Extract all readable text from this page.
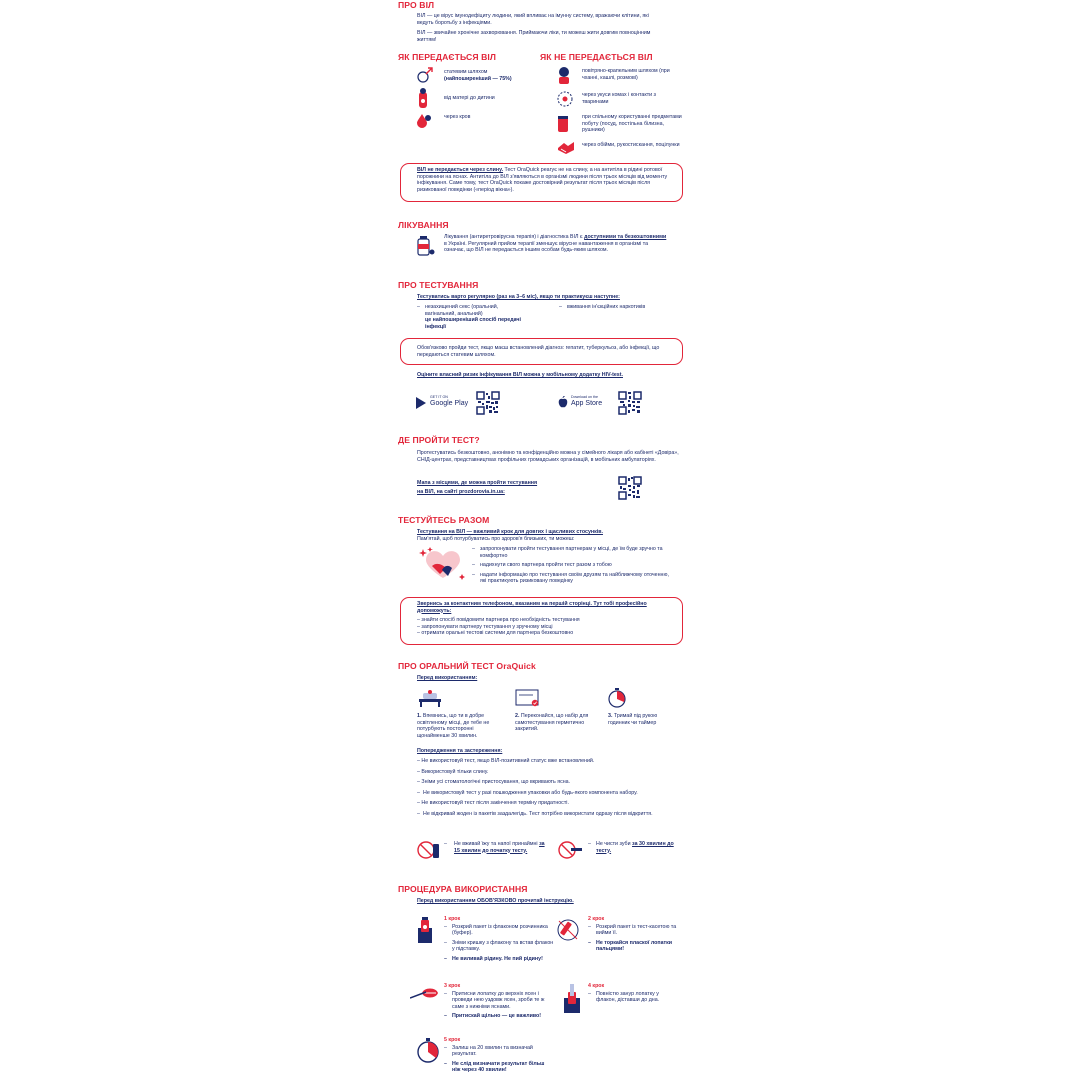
ПРО ВІЛ
ВІЛ — це вірус імунодефіциту людини, який впливає на імунну систему, вражаючи клітини, які ведуть боротьбу з інфекціями.
ВІЛ — звичайне хронічне захворювання. Приймаючи ліки, ти можеш жити довгим повноцінним життям!
ЯК ПЕРЕДАЄТЬСЯ ВІЛ
статевим шляхом
(найпоширеніший — 75%)
від матері до дитини
через кров
ЯК НЕ ПЕРЕДАЄТЬСЯ ВІЛ
повітряно-крапельним шляхом (при чханні, кашлі, розмові)
через укуси комах і контакти з тваринами
при спільному користуванні предметами побуту (посуд, постільна білизна, рушники)
через обійми, рукостискання, поцілунки
ВІЛ не передається через слину. Тест OraQuick реагує не на слину, а на антитіла в рідині ротової порожнини на яснах. Антитіла до ВІЛ з'являються в організмі людини після трьох місяців від моменту інфікування. Саме тому, тест OraQuick покаже достовірний результат після трьох місяців після ризикованої поведінки («період вікна»).
ЛІКУВАННЯ
Лікування (антиретровірусна терапія) і діагностика ВІЛ є доступними та безкоштовними в Україні. Регулярний прийом терапії зменшує вірусне навантаження в організмі та означає, що ВІЛ не передається іншим особам будь-яким шляхом.
ПРО ТЕСТУВАННЯ
Тестуватись варто регулярно (раз на 3–6 міс), якщо ти практикуєш наступне:
– незахищений секс (оральний, вагінальний, анальний)
це найпоширеніший спосіб передачі інфекції
– вживання ін'єкційних наркотиків
Обов'язково пройди тест, якщо маєш встановлений діагноз: гепатит, туберкульоз, або інфекції, що передаються статевим шляхом.
Оціните власний ризик інфікування ВІЛ можна у мобільному додатку HIV-test.
GET IT ON
Google Play
Download on the
App Store
ДЕ ПРОЙТИ ТЕСТ?
Протестуватись безкоштовно, анонімно та конфіденційно можна у сімейного лікаря або кабінеті «Довіра», СНІД-центрах, представництвах профільних громадських організацій, в мобільних амбулаторіях.
Мапа з місцями, де можна пройти тестування
на ВІЛ, на сайті prozdorovia.in.ua:
ТЕСТУЙТЕСЬ РАЗОМ
Тестування на ВІЛ — важливий крок для довгих і щасливих стосунків.
Пам'ятай, щоб потурбуватись про здоров'я близьких, ти можеш:
– запропонувати пройти тестування партнерам у місці, де їм буде зручно та комфортно
– надихнути свого партнера пройти тест разом з тобою
– надати інформацію про тестування своїм друзям та найближчому оточенню, які практикують ризиковану поведінку
Звернись за контактним телефоном, вказаним на першій сторінці. Тут тобі професійно допоможуть:
– знайти спосіб повідомити партнера про необхідність тестування
– запропонувати партнеру тестування у зручному місці
– отримати оральні тестові системи для партнера безкоштовно
ПРО ОРАЛЬНИЙ ТЕСТ OraQuick
Перед використанням:
1. Впевнись, що ти в добре освітленому місці, де тебе не потурбують посторонні щонайменше 30 хвилин.
2. Переконайся, що набір для самотестування герметично закритий.
3. Тримай під рукою годинник чи таймер
Попередження та застереження:
– Не використовуй тест, якщо ВІЛ-позитивний статус вже встановлений.
– Використовуй тільки слину.
– Зніми усі стоматологічні пристосування, що вкривають ясна.
– Не використовуй тест у разі пошкодження упаковки або будь-якого компонента набору.
– Не використовуй тест після закінчення терміну придатності.
– Не відкривай жоден із пакетів заздалегідь. Тест потрібно використати одразу після відкриття.
– Не вживай їжу та напої принаймні за 15 хвилин до початку тесту.
– Не чисти зуби за 30 хвилин до тесту.
ПРОЦЕДУРА ВИКОРИСТАННЯ
Перед використанням ОБОВ'ЯЗКОВО прочитай інструкцію.
1 крок
– Розкрий пакет із флаконом розчинника (буфер).
– Зніми кришку з флакону та встав флакон у підставку.
– Не виливай рідину. Не пий рідину!
2 крок
– Розкрий пакет із тест-касетою та вийми її.
– Не торкайся пласкої лопатки пальцями!
3 крок
– Притисни лопатку до верхніх ясен і проведи нею уздовж ясен, зроби те ж саме з нижніми яснами.
– Притискай щільно — це важливо!
4 крок
– Повністю занур лопатку у флакон, діставши до дна.
5 крок
– Залиш на 20 хвилин та визначай результат.
– Не слід визначати результат більш ніж через 40 хвилин!
